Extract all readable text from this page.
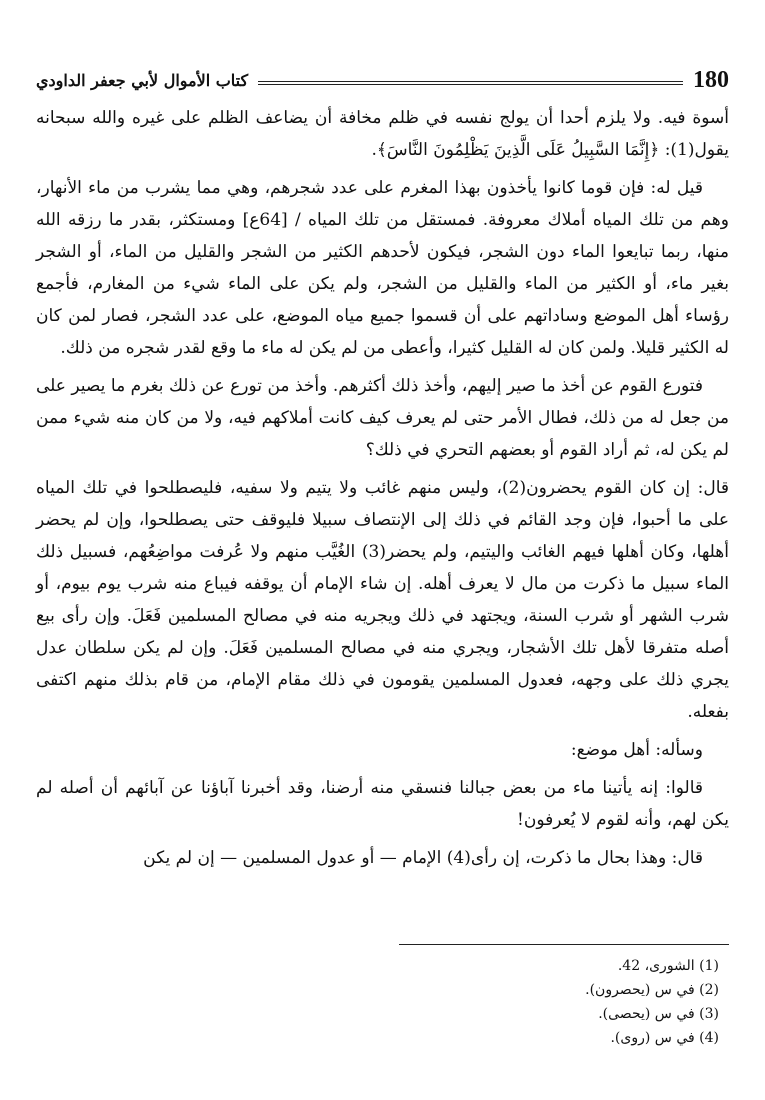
180
كتاب الأموال لأبي جعفر الداودي

أسوة فيه. ولا يلزم أحدا أن يولج نفسه في ظلم مخافة أن يضاعف الظلم على غيره والله سبحانه يقول(1): ﴿إِنَّمَا السَّبِيلُ عَلَى الَّذِينَ يَظْلِمُونَ النَّاسَ﴾.

قيل له: فإن قوما كانوا يأخذون بهذا المغرم على عدد شجرهم، وهي مما يشرب من ماء الأنهار، وهم من تلك المياه أملاك معروفة. فمستقل من تلك المياه / [64ع] ومستكثر، بقدر ما رزقه الله منها، ربما تبايعوا الماء دون الشجر، فيكون لأحدهم الكثير من الشجر والقليل من الماء، أو الشجر بغير ماء، أو الكثير من الماء والقليل من الشجر، ولم يكن على الماء شيء من المغارم، فأجمع رؤساء أهل الموضع وساداتهم على أن قسموا جميع مياه الموضع، على عدد الشجر، فصار لمن كان له الكثير قليلا. ولمن كان له القليل كثيرا، وأعطى من لم يكن له ماء ما وقع لقدر شجره من ذلك.

فتورع القوم عن أخذ ما صير إليهم، وأخذ ذلك أكثرهم. وأخذ من تورع عن ذلك بغرم ما يصير على من جعل له من ذلك، فطال الأمر حتى لم يعرف كيف كانت أملاكهم فيه، ولا من كان منه شيء ممن لم يكن له، ثم أراد القوم أو بعضهم التحري في ذلك؟

قال: إن كان القوم يحضرون(2)، وليس منهم غائب ولا يتيم ولا سفيه، فليصطلحوا في تلك المياه على ما أحبوا، فإن وجد القائم في ذلك إلى الإنتصاف سبيلا فليوقف حتى يصطلحوا، وإن لم يحضر أهلها، وكان أهلها فيهم الغائب واليتيم، ولم يحضر(3) الغُيَّب منهم ولا عُرفت مواضِعُهم، فسبيل ذلك الماء سبيل ما ذكرت من مال لا يعرف أهله. إن شاء الإمام أن يوقفه فيباع منه شرب يوم بيوم، أو شرب الشهر أو شرب السنة، ويجتهد في ذلك ويجريه منه في مصالح المسلمين فَعَلَ. وإن رأى بيع أصله متفرقا لأهل تلك الأشجار، ويجري منه في مصالح المسلمين فَعَلَ. وإن لم يكن سلطان عدل يجري ذلك على وجهه، فعدول المسلمين يقومون في ذلك مقام الإمام، من قام بذلك منهم اكتفى بفعله.

وسأله: أهل موضع:

قالوا: إنه يأتينا ماء من بعض جبالنا فنسقي منه أرضنا، وقد أخبرنا آباؤنا عن آبائهم أن أصله لم يكن لهم، وأنه لقوم لا يُعرفون!

قال: وهذا بحال ما ذكرت، إن رأى(4) الإمام — أو عدول المسلمين — إن لم يكن

(1) الشورى، 42.
(2) في س (يحصرون).
(3) في س (يحصى).
(4) في س (روى).
